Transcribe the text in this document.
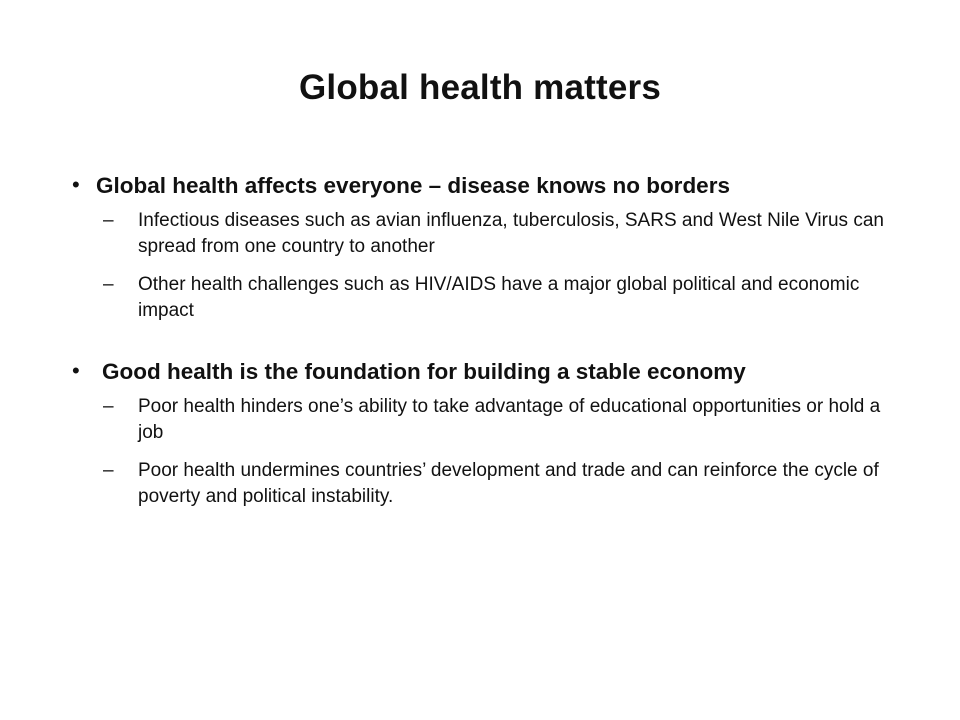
Global health matters
• Global health affects everyone – disease knows no borders
– Infectious diseases such as avian influenza, tuberculosis, SARS and West Nile Virus can spread from one country to another
– Other health challenges such as HIV/AIDS have a major global political and economic impact
• Good health is the foundation for building a stable economy
– Poor health hinders one’s ability to take advantage of educational opportunities or hold a job
– Poor health undermines countries’ development and trade and can reinforce the cycle of poverty and political instability.
